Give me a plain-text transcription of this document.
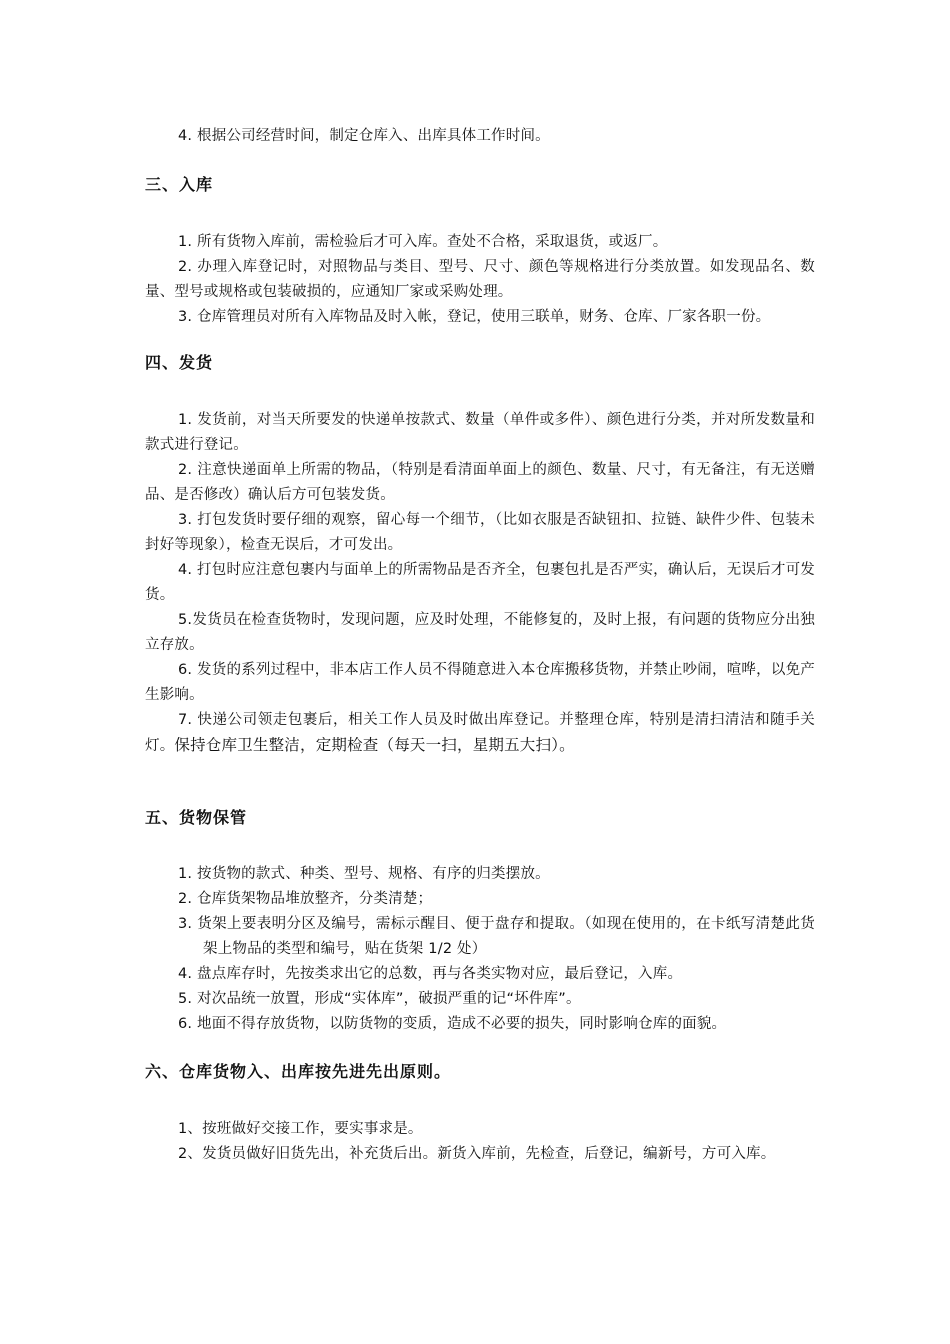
4. 根据公司经营时间，制定仓库入、出库具体工作时间。

三、入库

1. 所有货物入库前，需检验后才可入库。查处不合格，采取退货，或返厂。

2. 办理入库登记时，对照物品与类目、型号、尺寸、颜色等规格进行分类放置。如发现品名、数量、型号或规格或包装破损的，应通知厂家或采购处理。

3. 仓库管理员对所有入库物品及时入帐，登记，使用三联单，财务、仓库、厂家各职一份。

四、发货

1. 发货前，对当天所要发的快递单按款式、数量（单件或多件）、颜色进行分类，并对所发数量和款式进行登记。

2. 注意快递面单上所需的物品，（特别是看清面单面上的颜色、数量、尺寸，有无备注，有无送赠品、是否修改）确认后方可包装发货。

3. 打包发货时要仔细的观察，留心每一个细节，（比如衣服是否缺钮扣、拉链、缺件少件、包装未封好等现象），检查无误后，才可发出。

4. 打包时应注意包裹内与面单上的所需物品是否齐全，包裹包扎是否严实，确认后，无误后才可发货。

5.发货员在检查货物时，发现问题，应及时处理，不能修复的，及时上报，有问题的货物应分出独立存放。

6. 发货的系列过程中，非本店工作人员不得随意进入本仓库搬移货物，并禁止吵闹，喧哗，以免产生影响。

7. 快递公司领走包裹后，相关工作人员及时做出库登记。并整理仓库，特别是清扫清洁和随手关灯。保持仓库卫生整洁，定期检查（每天一扫，星期五大扫）。

五、货物保管

1. 按货物的款式、种类、型号、规格、有序的归类摆放。

2. 仓库货架物品堆放整齐，分类清楚；

3. 货架上要表明分区及编号，需标示醒目、便于盘存和提取。（如现在使用的，在卡纸写清楚此货架上物品的类型和编号，贴在货架 1/2 处）

4. 盘点库存时，先按类求出它的总数，再与各类实物对应，最后登记，入库。

5. 对次品统一放置，形成“实体库”，破损严重的记“坏件库”。

6. 地面不得存放货物，以防货物的变质，造成不必要的损失，同时影响仓库的面貌。

六、仓库货物入、出库按先进先出原则。

1、按班做好交接工作，要实事求是。

2、发货员做好旧货先出，补充货后出。新货入库前，先检查，后登记，编新号，方可入库。
